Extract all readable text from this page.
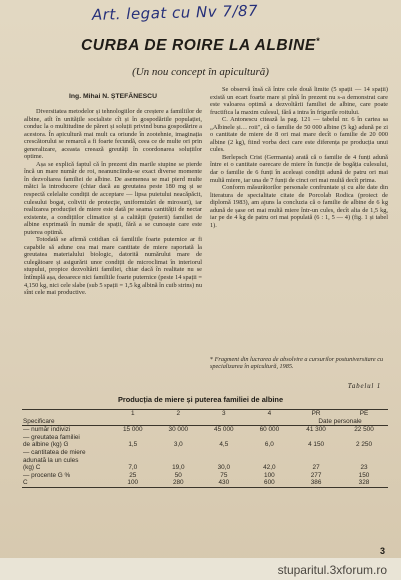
Art. legat cu Nv 7/87
CURBA DE ROIRE LA ALBINE*
(Un nou concept în apicultură)
Ing. Mihai N. ȘTEFĂNESCU

Diversitatea metodelor și tehnologiilor de creștere a familiilor de albine, atît în unitățile socialiste cît și în gospodăriile populației, conduc la o multitudine de păreri și soluții privind buna gospodărire a acestora. În apicultură mai mult ca oriunde în zootehnie, imaginația crescătorului se remarcă a fi foarte fecundă, ceea ce de multe ori prin generalizare, aceasta creează greutăți în coordonarea soluțiilor optime.

Așa se explică faptul că în prezent din marile stupine se pierde încă un mare număr de roi, neanunciindu-se exact diverse momente în dezvoltarea familiei de albine. De asemenea se mai pierd multe mătci la introducere (chiar dacă au greutatea peste 180 mg și se respectă celelalte condiții de acceptare — lipsa puietului neacăpăcit, culesului bogat, coliviii de protecție, uniformizări de mirosuri), iar realizarea producției de miere este dată pe seama cantității de nectar existente, a condițiilor climatice și a calității (puterii) familiei de albine exprimată în număr de spații, fără a se cunoaște care este puterea optimă.

Totodată se afirmă cotidian că familiile foarte puternice ar fi capabile să adune cea mai mare cantitate de miere raportată la greutatea materialului biologic, datorită numărului mare de culegătoare și asigurării unor condiții de microclimat în interiorul stupului, propice dezvoltării familiei, chiar dacă în realitate nu se întîmplă așa, deoarece nici familiile foarte puternice (peste 14 spații = 4,150 kg, nici cele slabe (sub 5 spații = 1,5 kg albină în cuib strins) nu sînt cele mai productive.

Se observă însă că între cele două limite (5 spații — 14 spații) există un ecart foarte mare și pînă în prezent nu s-a demonstrat care este valoarea optimă a dezvoltării familiei de albine, care poate fructifica la maxim culesul, fără a intra în frigurile roitului.

C. Antonescu citează la pag. 121 — tabelul nr. 6 în cartea sa „Albinele și… roii", că o familie de 50 000 albine (5 kg) adună pe zi o cantitate de miere de 8 ori mai mare decît o familie de 20 000 albine (2 kg), fiind vorba deci care este diferența pe producția unui cules.

Berlepsch Crist (Germania) arată că o familie de 4 funți adună între ei o cantitate oarecare de miere în funcție de bogăția culesului, dar o familie de 6 funți în aceleași condiții adună de patru ori mai multă miere, iar una de 7 funți de cinci ori mai multă decît prima.

Conform măsurătorilor personale confruntate și cu alte date din literatura de specialitate citate de Porcolab Rodica (proiect de diplomă 1983), am ajuns la concluzia că o familie de albine de 6 kg adună de șase ori mai multă miere într-un cules, decît alta de 1,5 kg, iar pe de 4 kg de patru ori mai populată (6 : 1, 5 — 4) (fig. 1 și tabel 1).

* Fragment din lucrarea de absolvire a cursurilor postuniversitare cu specializarea în apicultură, 1985.
Tabelul 1
Producția de miere și puterea familiei de albine
Specificare	1	2	3	4	PR	PE
					Date personale	
— număr indivizi	15 000	30 000	45 000	60 000	41 300	22 500
— greutatea familiei						
de albine (kg) G	1,5	3,0	4,5	6,0	4 150	2 250
— cantitatea de miere						
adunată la un cules						
(kg) C	7,0	19,0	30,0	42,0	27	23
— procente G %	25	50	75	100	277	150
C	100	280	430	600	386	328
3
stuparitul.3xforum.ro
